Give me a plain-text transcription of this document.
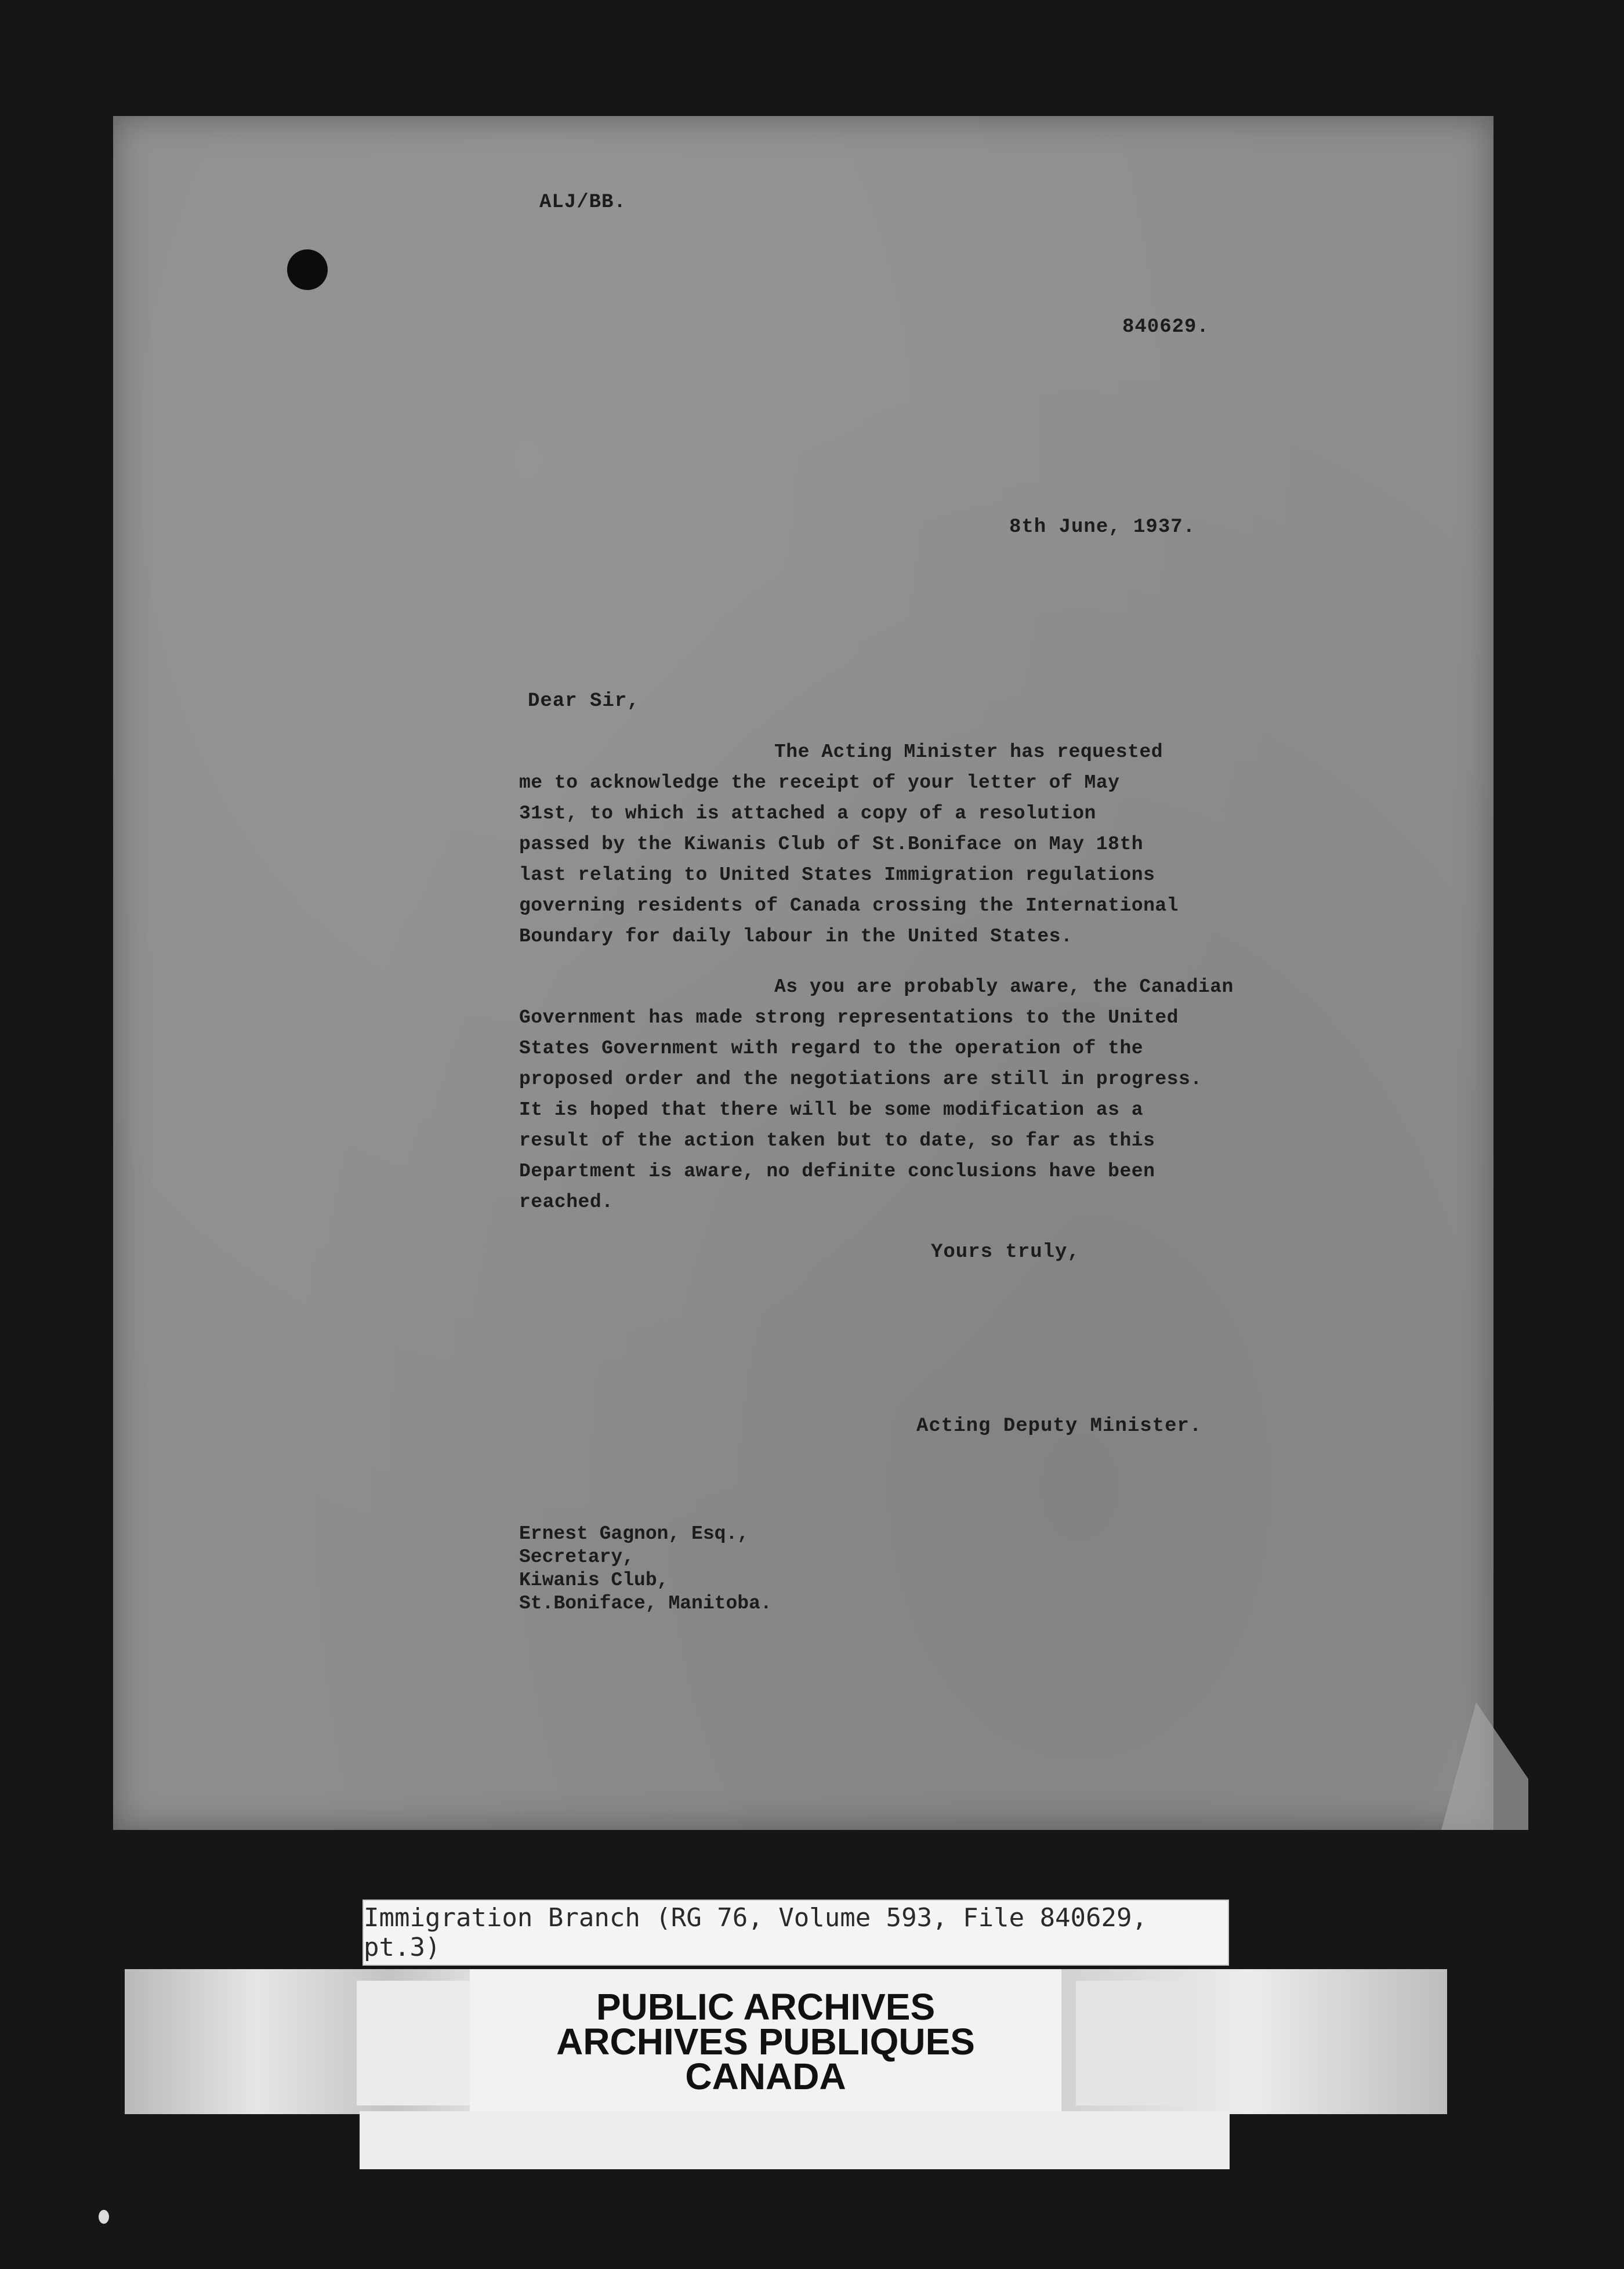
ALJ/BB.
840629.
8th June, 1937.
Dear Sir,
The Acting Minister has requested
me to acknowledge the receipt of your letter of May
31st, to which is attached a copy of a resolution
passed by the Kiwanis Club of St.Boniface on May 18th
last relating to United States Immigration regulations
governing residents of Canada crossing the International
Boundary for daily labour in the United States.
As you are probably aware, the Canadian
Government has made strong representations to the United
States Government with regard to the operation of the
proposed order and the negotiations are still in progress.
It is hoped that there will be some modification as a
result of the action taken but to date, so far as this
Department is aware, no definite conclusions have been
reached.
Yours truly,
Acting Deputy Minister.
Ernest Gagnon, Esq.,
Secretary,
Kiwanis Club,
St.Boniface, Manitoba.
Immigration Branch (RG 76, Volume 593, File 840629, pt.3)
PUBLIC ARCHIVES
ARCHIVES PUBLIQUES
CANADA
